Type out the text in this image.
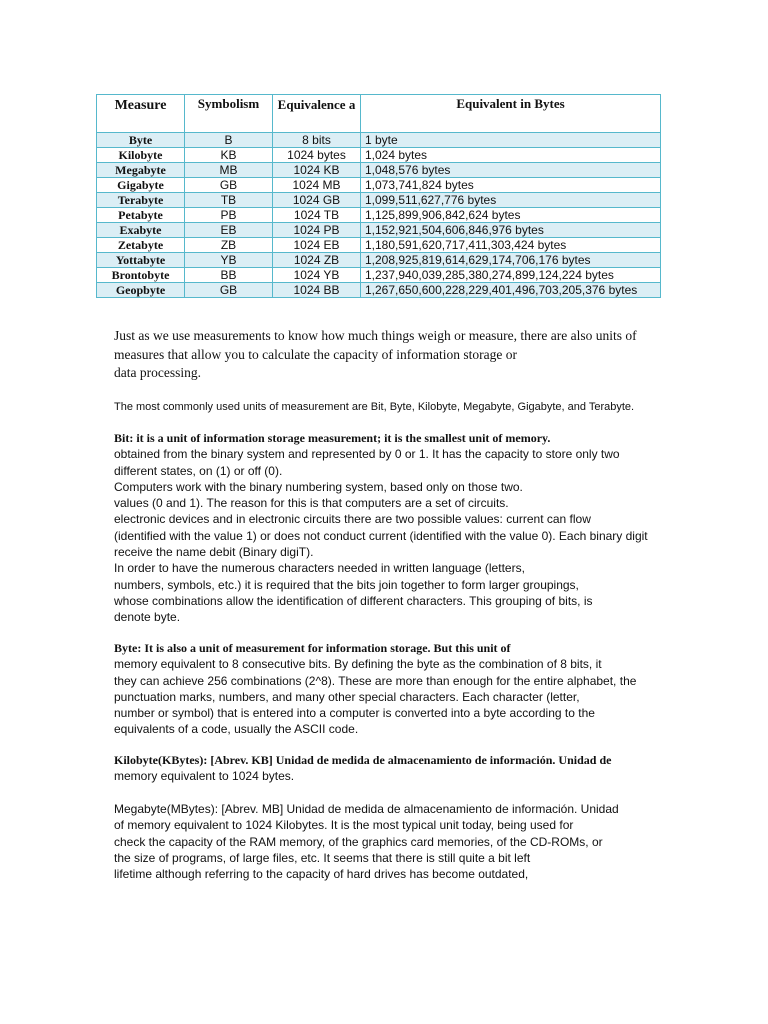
Measure	Symbolism	Equivalence a	Equivalent in Bytes
Byte	B	8 bits	1 byte
Kilobyte	KB	1024 bytes	1,024 bytes
Megabyte	MB	1024 KB	1,048,576 bytes
Gigabyte	GB	1024 MB	1,073,741,824 bytes
Terabyte	TB	1024 GB	1,099,511,627,776 bytes
Petabyte	PB	1024 TB	1,125,899,906,842,624 bytes
Exabyte	EB	1024 PB	1,152,921,504,606,846,976 bytes
Zetabyte	ZB	1024 EB	1,180,591,620,717,411,303,424 bytes
Yottabyte	YB	1024 ZB	1,208,925,819,614,629,174,706,176 bytes
Brontobyte	BB	1024 YB	1,237,940,039,285,380,274,899,124,224 bytes
Geopbyte	GB	1024 BB	1,267,650,600,228,229,401,496,703,205,376 bytes
Just as we use measurements to know how much things weigh or measure, there are also units of
measures that allow you to calculate the capacity of information storage or
data processing.
The most commonly used units of measurement are Bit, Byte, Kilobyte, Megabyte, Gigabyte, and Terabyte.
Bit: it is a unit of information storage measurement; it is the smallest unit of memory.
obtained from the binary system and represented by 0 or 1. It has the capacity to store only two
different states, on (1) or off (0).
Computers work with the binary numbering system, based only on those two.
values (0 and 1). The reason for this is that computers are a set of circuits.
electronic devices and in electronic circuits there are two possible values: current can flow
(identified with the value 1) or does not conduct current (identified with the value 0). Each binary digit
receive the name debit (Binary digiT).
In order to have the numerous characters needed in written language (letters,
numbers, symbols, etc.) it is required that the bits join together to form larger groupings,
whose combinations allow the identification of different characters. This grouping of bits, is
denote byte.
Byte: It is also a unit of measurement for information storage. But this unit of
memory equivalent to 8 consecutive bits. By defining the byte as the combination of 8 bits, it
they can achieve 256 combinations (2^8). These are more than enough for the entire alphabet, the
punctuation marks, numbers, and many other special characters. Each character (letter,
number or symbol) that is entered into a computer is converted into a byte according to the
equivalents of a code, usually the ASCII code.
Kilobyte(KBytes): [Abrev. KB] Unidad de medida de almacenamiento de información. Unidad de
memory equivalent to 1024 bytes.
Megabyte(MBytes): [Abrev. MB] Unidad de medida de almacenamiento de información. Unidad
of memory equivalent to 1024 Kilobytes. It is the most typical unit today, being used for
check the capacity of the RAM memory, of the graphics card memories, of the CD-ROMs, or
the size of programs, of large files, etc. It seems that there is still quite a bit left
lifetime although referring to the capacity of hard drives has become outdated,
